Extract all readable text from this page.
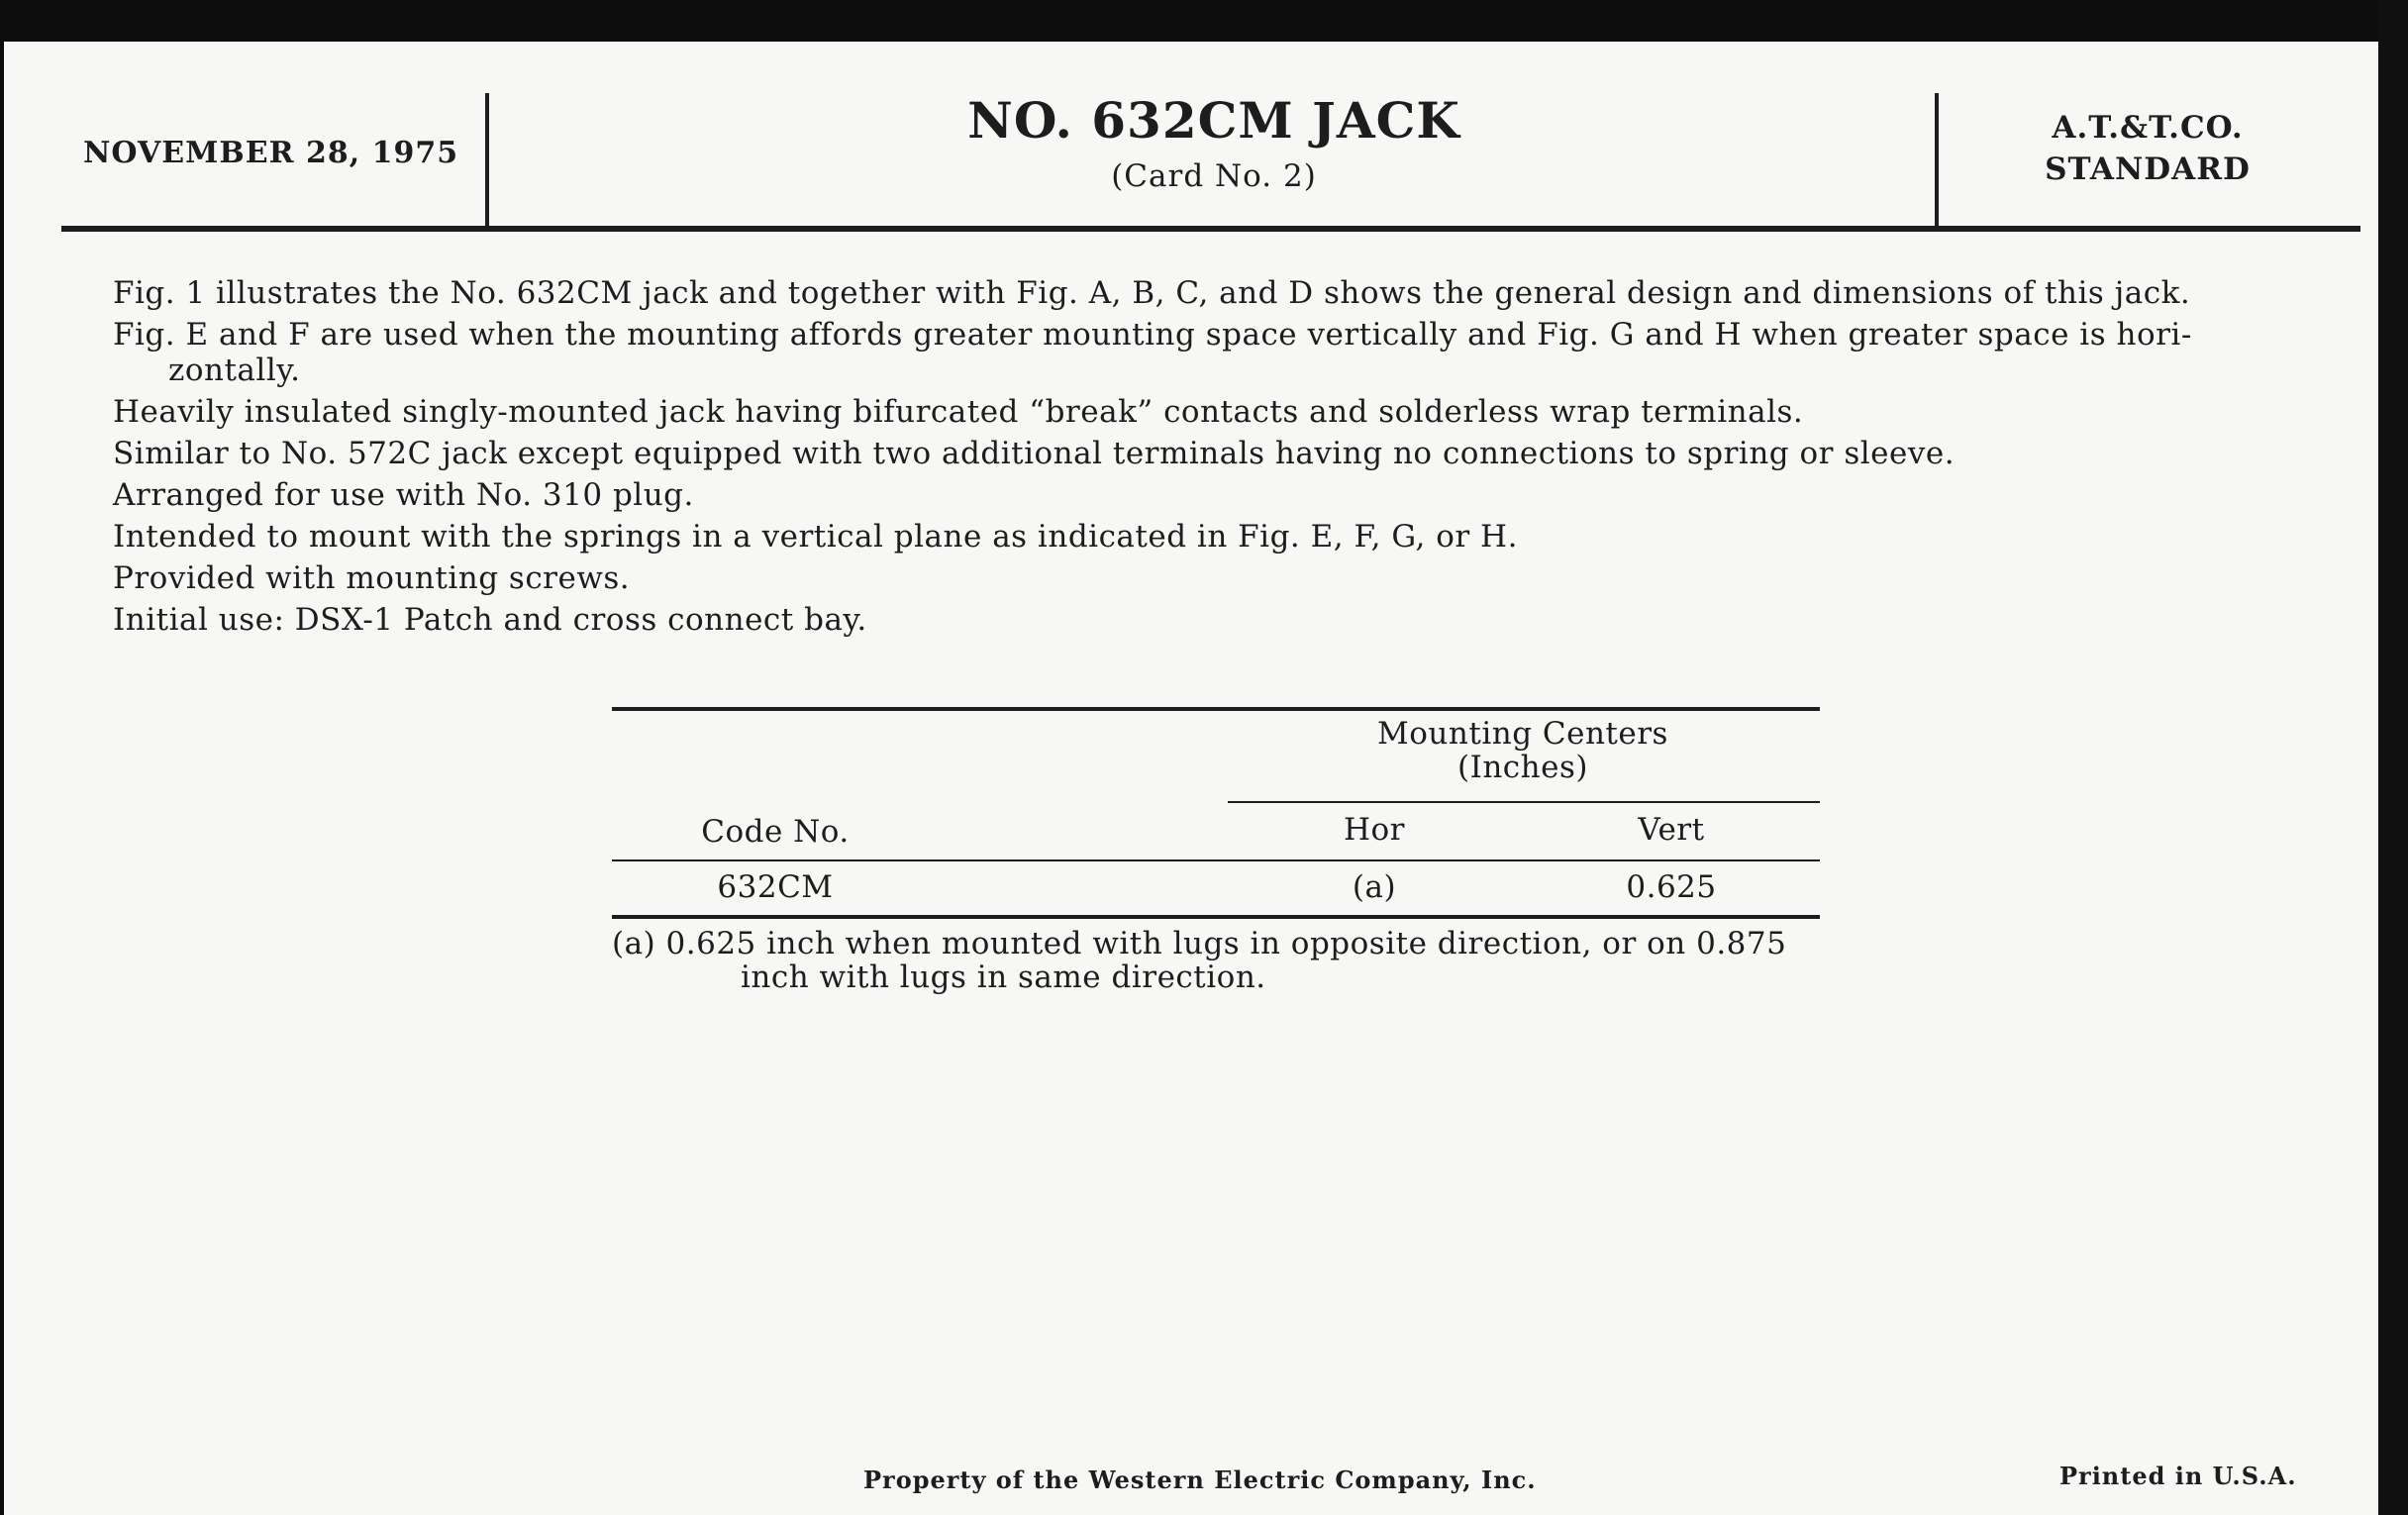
NOVEMBER 28, 1975
NO. 632CM JACK
(Card No. 2)
A.T.&T.CO.
STANDARD
Fig. 1 illustrates the No. 632CM jack and together with Fig. A, B, C, and D shows the general design and dimensions of this jack.
Fig. E and F are used when the mounting affords greater mounting space vertically and Fig. G and H when greater space is hori-
zontally.
Heavily insulated singly-mounted jack having bifurcated “break” contacts and solderless wrap terminals.
Similar to No. 572C jack except equipped with two additional terminals having no connections to spring or sleeve.
Arranged for use with No. 310 plug.
Intended to mount with the springs in a vertical plane as indicated in Fig. E, F, G, or H.
Provided with mounting screws.
Initial use: DSX-1 Patch and cross connect bay.
Mounting Centers
(Inches)
Code No.	Hor	Vert
632CM	(a)	0.625
(a) 0.625 inch when mounted with lugs in opposite direction, or on 0.875
inch with lugs in same direction.
Property of the Western Electric Company, Inc.	Printed in U.S.A.
